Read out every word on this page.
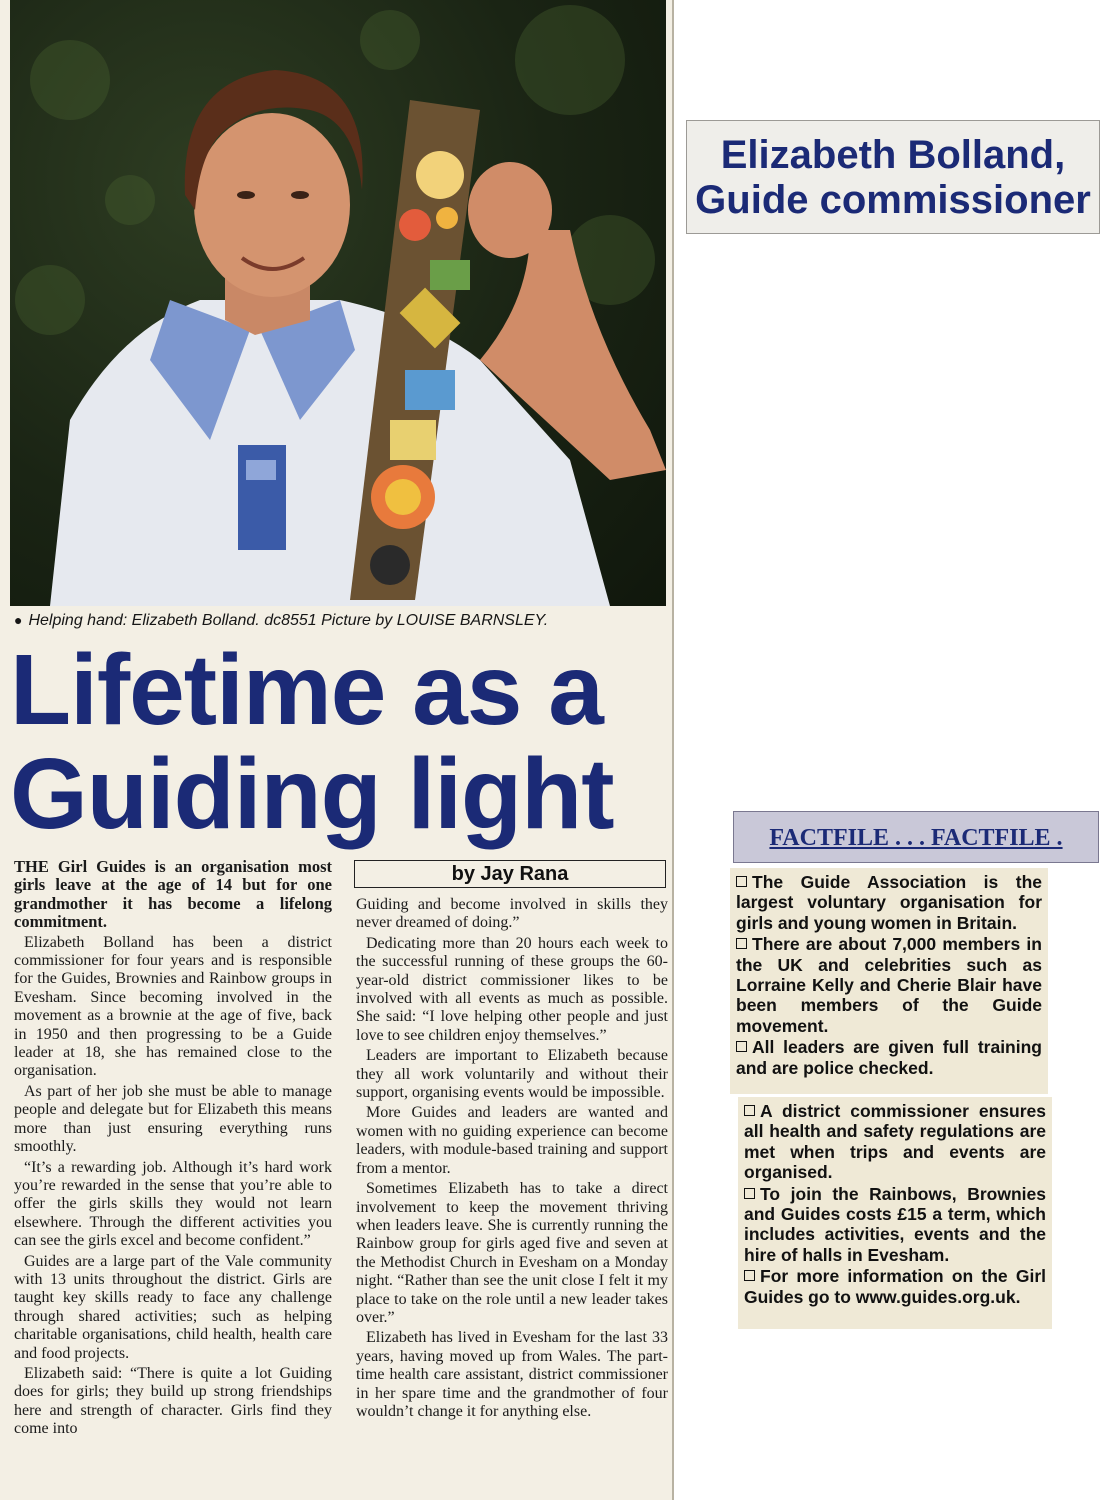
● Helping hand: Elizabeth Bolland. dc8551 Picture by LOUISE BARNSLEY.
Lifetime as a
Guiding light

THE Girl Guides is an organisation most girls leave at the age of 14 but for one grandmother it has become a lifelong commitment.

Elizabeth Bolland has been a district commissioner for four years and is responsible for the Guides, Brownies and Rainbow groups in Evesham. Since becoming involved in the movement as a brownie at the age of five, back in 1950 and then progressing to be a Guide leader at 18, she has remained close to the organisation.

As part of her job she must be able to manage people and delegate but for Elizabeth this means more than just ensuring everything runs smoothly.

“It’s a rewarding job. Although it’s hard work you’re rewarded in the sense that you’re able to offer the girls skills they would not learn elsewhere. Through the different activities you can see the girls excel and become confident.”

Guides are a large part of the Vale community with 13 units throughout the district. Girls are taught key skills ready to face any challenge through shared activities; such as helping charitable organisations, child health, health care and food projects.

Elizabeth said: “There is quite a lot Guiding does for girls; they build up strong friendships here and strength of character. Girls find they come into

by Jay Rana

Guiding and become involved in skills they never dreamed of doing.”

Dedicating more than 20 hours each week to the successful running of these groups the 60-year-old district commissioner likes to be involved with all events as much as possible. She said: “I love helping other people and just love to see children enjoy themselves.”

Leaders are important to Elizabeth because they all work voluntarily and without their support, organising events would be impossible.

More Guides and leaders are wanted and women with no guiding experience can become leaders, with module-based training and support from a mentor.

Sometimes Elizabeth has to take a direct involvement to keep the movement thriving when leaders leave. She is currently running the Rainbow group for girls aged five and seven at the Methodist Church in Evesham on a Monday night. “Rather than see the unit close I felt it my place to take on the role until a new leader takes over.”

Elizabeth has lived in Evesham for the last 33 years, having moved up from Wales. The part-time health care assistant, district commissioner in her spare time and the grandmother of four wouldn’t change it for anything else.

Elizabeth Bolland,
Guide commissioner
FACTFILE . . . FACTFILE .

The Guide Association is the largest voluntary organisation for girls and young women in Britain.

There are about 7,000 members in the UK and celebrities such as Lorraine Kelly and Cherie Blair have been members of the Guide movement.

All leaders are given full training and are police checked.

A district commissioner ensures all health and safety regulations are met when trips and events are organised.

To join the Rainbows, Brownies and Guides costs £15 a term, which includes activities, events and the hire of halls in Evesham.

For more information on the Girl Guides go to www.guides.org.uk.
